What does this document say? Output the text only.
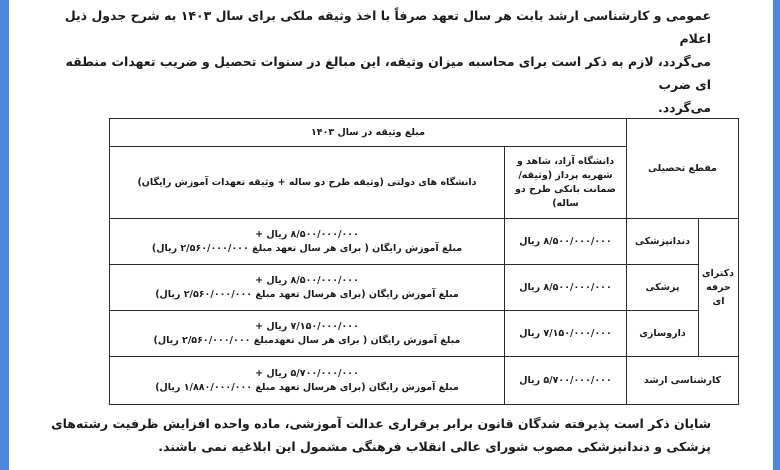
عمومی و کارشناسی ارشد بابت هر سال تعهد صرفاً با اخذ وثیقه ملکی برای سال ۱۴۰۳ به شرح جدول ذیل اعلام
می‌گردد، لازم به ذکر است برای محاسبه میزان وثیقه، این مبالغ در سنوات تحصیل و ضریب تعهدات منطقه ای ضرب
می‌گردد.
مقطع تحصیلی		مبلغ وثیقه در سال ۱۴۰۳	
		دانشگاه آزاد، شاهد و شهریه پرداز (وثیقه/ضمانت بانکی طرح دو ساله)	دانشگاه های دولتی (وثیقه طرح دو ساله + وثیقه تعهدات آموزش رایگان)
دکترای حرفه ای	دندانپزشکی	۸/۵۰۰/۰۰۰/۰۰۰ ریال	۸/۵۰۰/۰۰۰/۰۰۰ ریال +
مبلغ آموزش رایگان ( برای هر سال تعهد مبلغ ۲/۵۶۰/۰۰۰/۰۰۰ ریال)

	پزشکی	۸/۵۰۰/۰۰۰/۰۰۰ ریال	۸/۵۰۰/۰۰۰/۰۰۰ ریال +
مبلغ آموزش رایگان (برای هرسال تعهد مبلغ ۲/۵۶۰/۰۰۰/۰۰۰ ریال)

	داروسازی	۷/۱۵۰/۰۰۰/۰۰۰ ریال	۷/۱۵۰/۰۰۰/۰۰۰ ریال +
مبلغ آموزش رایگان ( برای هر سال تعهدمبلغ ۲/۵۶۰/۰۰۰/۰۰۰ ریال)

کارشناسی ارشد		۵/۷۰۰/۰۰۰/۰۰۰ ریال	۵/۷۰۰/۰۰۰/۰۰۰ ریال +
مبلغ آموزش رایگان (برای هرسال تعهد مبلغ ۱/۸۸۰/۰۰۰/۰۰۰ ریال)
شایان ذکر است پذیرفته شدگان قانون برابر برقراری عدالت آموزشی، ماده واحده افزایش ظرفیت رشته‌های
پزشکی و دندانپزشکی مصوب شورای عالی انقلاب فرهنگی مشمول این ابلاغیه نمی باشند.
